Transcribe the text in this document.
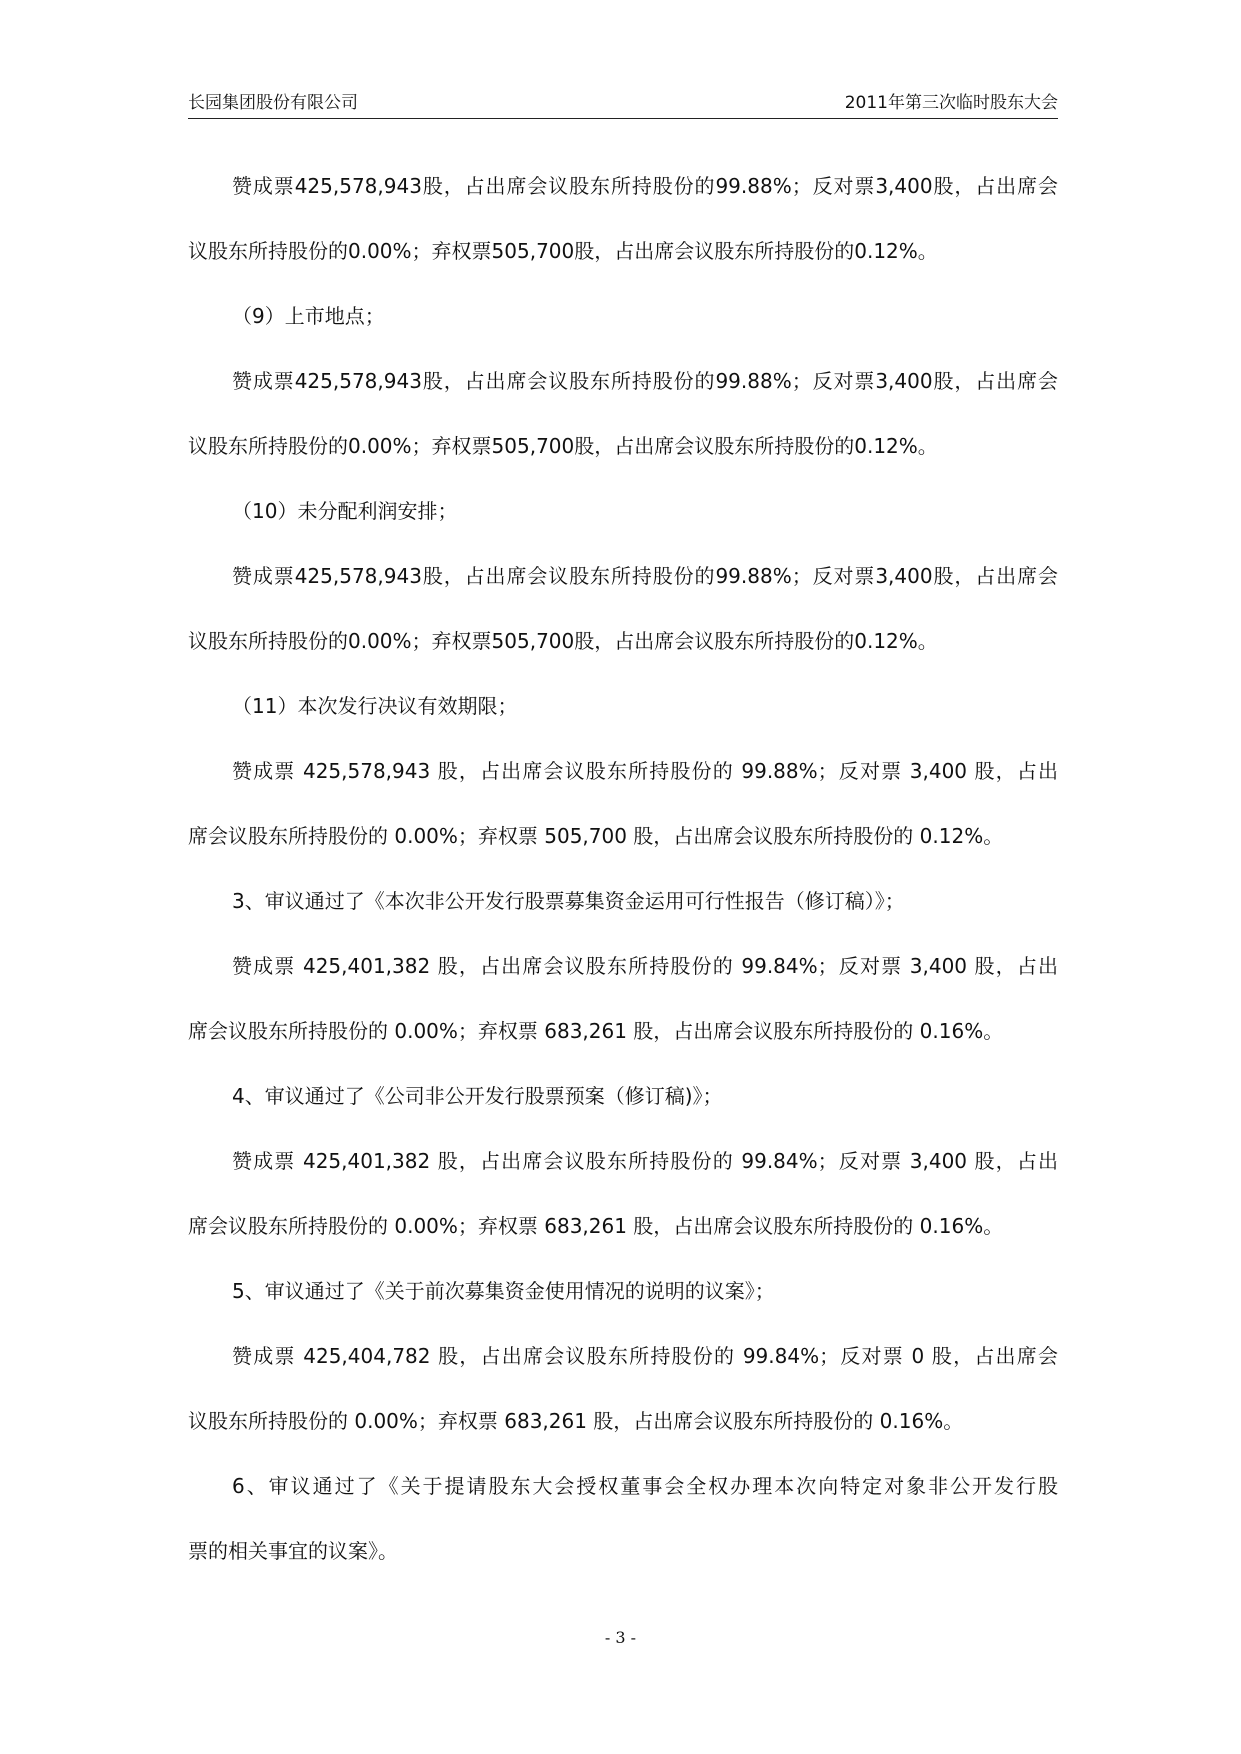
长园集团股份有限公司	2011年第三次临时股东大会
赞成票425,578,943股，占出席会议股东所持股份的99.88%；反对票3,400股，占出席会
议股东所持股份的0.00%；弃权票505,700股，占出席会议股东所持股份的0.12%。
（9）上市地点；
赞成票425,578,943股，占出席会议股东所持股份的99.88%；反对票3,400股，占出席会
议股东所持股份的0.00%；弃权票505,700股，占出席会议股东所持股份的0.12%。
（10）未分配利润安排；
赞成票425,578,943股，占出席会议股东所持股份的99.88%；反对票3,400股，占出席会
议股东所持股份的0.00%；弃权票505,700股，占出席会议股东所持股份的0.12%。
（11）本次发行决议有效期限；
赞成票 425,578,943 股，占出席会议股东所持股份的 99.88%；反对票 3,400 股，占出
席会议股东所持股份的 0.00%；弃权票 505,700 股，占出席会议股东所持股份的 0.12%。
3、审议通过了《本次非公开发行股票募集资金运用可行性报告（修订稿）》；
赞成票 425,401,382 股，占出席会议股东所持股份的 99.84%；反对票 3,400 股，占出
席会议股东所持股份的 0.00%；弃权票 683,261 股，占出席会议股东所持股份的 0.16%。
4、审议通过了《公司非公开发行股票预案（修订稿)》；
赞成票 425,401,382 股，占出席会议股东所持股份的 99.84%；反对票 3,400 股，占出
席会议股东所持股份的 0.00%；弃权票 683,261 股，占出席会议股东所持股份的 0.16%。
5、审议通过了《关于前次募集资金使用情况的说明的议案》；
赞成票 425,404,782 股，占出席会议股东所持股份的 99.84%；反对票 0 股，占出席会
议股东所持股份的 0.00%；弃权票 683,261 股，占出席会议股东所持股份的 0.16%。
6、审议通过了《关于提请股东大会授权董事会全权办理本次向特定对象非公开发行股
票的相关事宜的议案》。
- 3 -
